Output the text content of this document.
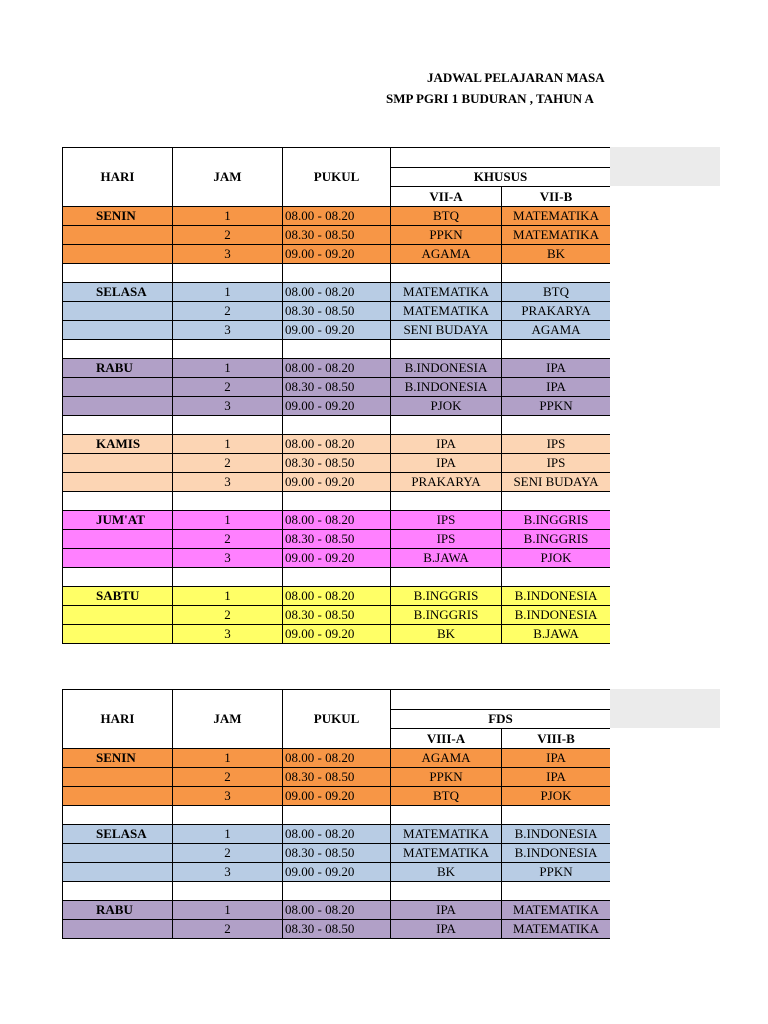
JADWAL PELAJARAN MASA
SMP PGRI 1 BUDURAN , TAHUN A
HARI	JAM	PUKUL		
			KHUSUS	
			VII-A	VII-B

SENIN	1	08.00 - 08.20	BTQ	MATEMATIKA
	2	08.30 - 08.50	PPKN	MATEMATIKA
	3	09.00 - 09.20	AGAMA	BK

SELASA	1	08.00 - 08.20	MATEMATIKA	BTQ
	2	08.30 - 08.50	MATEMATIKA	PRAKARYA
	3	09.00 - 09.20	SENI BUDAYA	AGAMA

RABU	1	08.00 - 08.20	B.INDONESIA	IPA
	2	08.30 - 08.50	B.INDONESIA	IPA
	3	09.00 - 09.20	PJOK	PPKN

KAMIS	1	08.00 - 08.20	IPA	IPS
	2	08.30 - 08.50	IPA	IPS
	3	09.00 - 09.20	PRAKARYA	SENI BUDAYA

JUM'AT	1	08.00 - 08.20	IPS	B.INGGRIS
	2	08.30 - 08.50	IPS	B.INGGRIS
	3	09.00 - 09.20	B.JAWA	PJOK

SABTU	1	08.00 - 08.20	B.INGGRIS	B.INDONESIA
	2	08.30 - 08.50	B.INGGRIS	B.INDONESIA
	3	09.00 - 09.20	BK	B.JAWA
HARI	JAM	PUKUL		
			FDS	
			VIII-A	VIII-B

SENIN	1	08.00 - 08.20	AGAMA	IPA
	2	08.30 - 08.50	PPKN	IPA
	3	09.00 - 09.20	BTQ	PJOK

SELASA	1	08.00 - 08.20	MATEMATIKA	B.INDONESIA
	2	08.30 - 08.50	MATEMATIKA	B.INDONESIA
	3	09.00 - 09.20	BK	PPKN

RABU	1	08.00 - 08.20	IPA	MATEMATIKA
	2	08.30 - 08.50	IPA	MATEMATIKA
